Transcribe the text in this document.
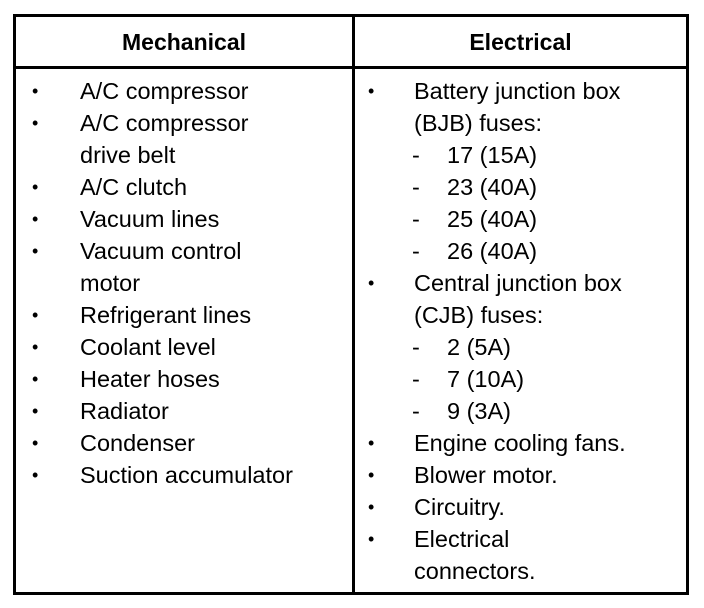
Mechanical	Electrical
• A/C compressor
• A/C compressor
drive belt
• A/C clutch
• Vacuum lines
• Vacuum control
motor
• Refrigerant lines
• Coolant level
• Heater hoses
• Radiator
• Condenser
• Suction accumulator
• Battery junction box
(BJB) fuses:
- 17 (15A)
- 23 (40A)
- 25 (40A)
- 26 (40A)
• Central junction box
(CJB) fuses:
- 2 (5A)
- 7 (10A)
- 9 (3A)
• Engine cooling fans.
• Blower motor.
• Circuitry.
• Electrical
connectors.
